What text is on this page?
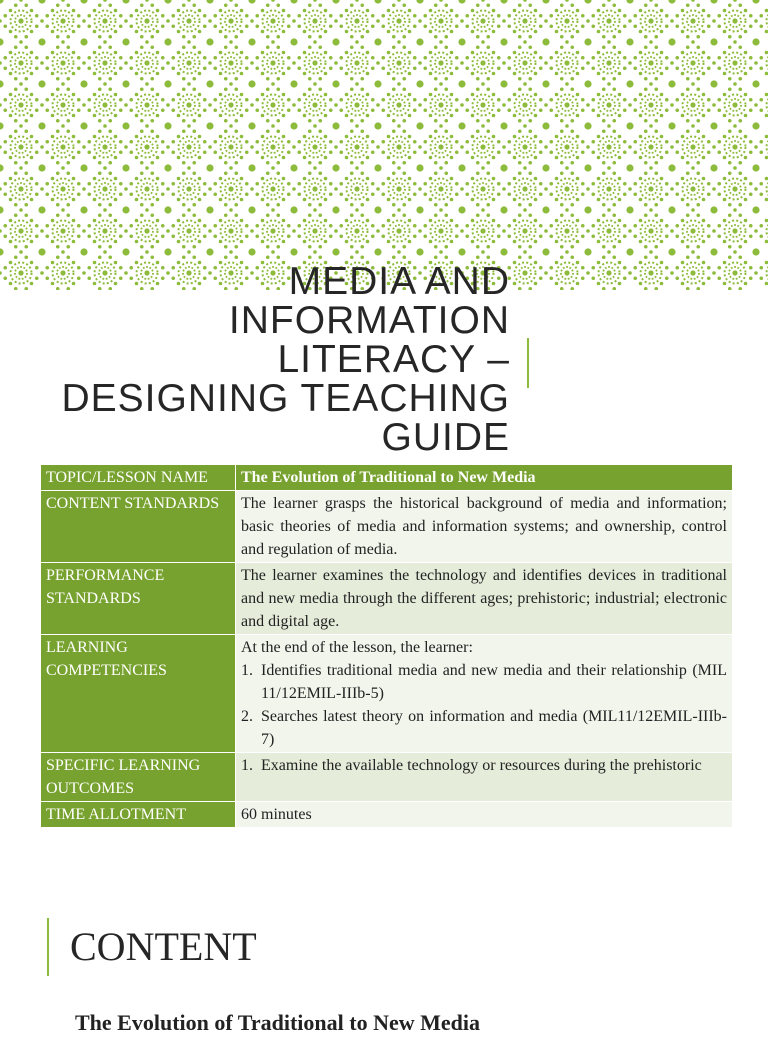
MEDIA AND
INFORMATION
LITERACY –
DESIGNING TEACHING
GUIDE
TOPIC/LESSON NAME	The Evolution of Traditional to New Media
CONTENT STANDARDS	The learner grasps the historical background of media and information; basic theories of media and information systems; and ownership, control and regulation of media.
PERFORMANCE STANDARDS	The learner examines the technology and identifies devices in traditional and new media through the different ages; prehistoric; industrial; electronic and digital age.
LEARNING COMPETENCIES	At the end of the lesson, the learner:
1. Identifies traditional media and new media and their relationship (MIL 11/12EMIL-IIIb-5)
2. Searches latest theory on information and media (MIL11/12EMIL-IIIb-7)

SPECIFIC LEARNING OUTCOMES	1. Examine the available technology or resources during the prehistoric

TIME ALLOTMENT	60 minutes
CONTENT
The Evolution of Traditional to New Media
